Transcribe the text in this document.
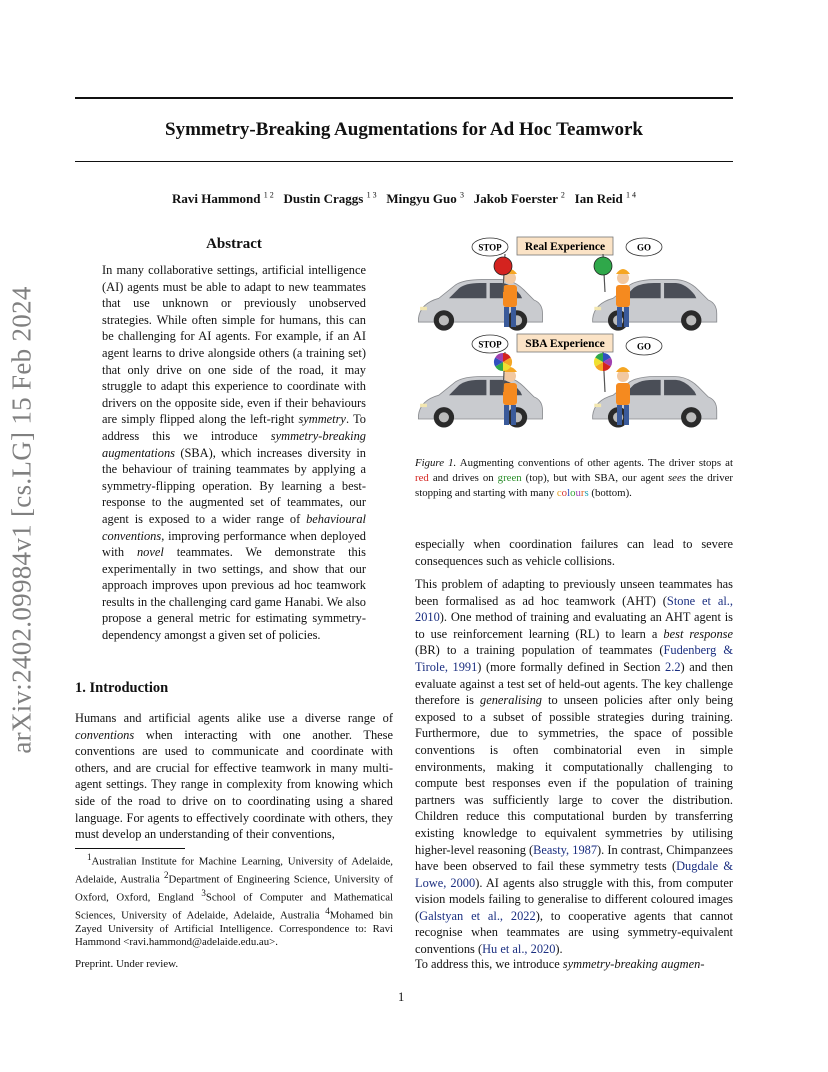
arXiv:2402.09984v1 [cs.LG] 15 Feb 2024
Symmetry-Breaking Augmentations for Ad Hoc Teamwork
Ravi Hammond $^{1 2}$ Dustin Craggs $^{1 3}$ Mingyu Guo $^3$ Jakob Foerster $^2$ Ian Reid $^{1 4}$
Abstract

In many collaborative settings, artificial intelligence (AI) agents must be able to adapt to new teammates that use unknown or previously unobserved strategies. While often simple for humans, this can be challenging for AI agents. For example, if an AI agent learns to drive alongside others (a training set) that only drive on one side of the road, it may struggle to adapt this experience to coordinate with drivers on the opposite side, even if their behaviours are simply flipped along the left-right symmetry. To address this we introduce symmetry-breaking augmentations (SBA), which increases diversity in the behaviour of training teammates by applying a symmetry-flipping operation. By learning a best-response to the augmented set of teammates, our agent is exposed to a wider range of behavioural conventions, improving performance when deployed with novel teammates. We demonstrate this experimentally in two settings, and show that our approach improves upon previous ad hoc teamwork results in the challenging card game Hanabi. We also propose a general metric for estimating symmetry-dependency amongst a given set of policies.

1. Introduction

Humans and artificial agents alike use a diverse range of conventions when interacting with one another. These conventions are used to communicate and coordinate with others, and are crucial for effective teamwork in many multi-agent settings. They range in complexity from knowing which side of the road to drive on to coordinating using a shared language. For agents to effectively coordinate with others, they must develop an understanding of their conventions,

$^1$Australian Institute for Machine Learning, University of Adelaide, Adelaide, Australia $^2$Department of Engineering Science, University of Oxford, Oxford, England $^3$School of Computer and Mathematical Sciences, University of Adelaide, Adelaide, Australia $^4$Mohamed bin Zayed University of Artificial Intelligence. Correspondence to: Ravi Hammond <ravi.hammond@adelaide.edu.au>.

Preprint. Under review.
1
STOP	GO
Real Experience
STOP	GO
SBA Experience

Figure 1. Augmenting conventions of other agents. The driver stops at red and drives on green (top), but with SBA, our agent sees the driver stopping and starting with many colours (bottom).

especially when coordination failures can lead to severe consequences such as vehicle collisions.

This problem of adapting to previously unseen teammates has been formalised as ad hoc teamwork (AHT) (Stone et al., 2010). One method of training and evaluating an AHT agent is to use reinforcement learning (RL) to learn a best response (BR) to a training population of teammates (Fudenberg & Tirole, 1991) (more formally defined in Section 2.2) and then evaluate against a test set of held-out agents. The key challenge therefore is generalising to unseen policies after only being exposed to a subset of possible strategies during training. Furthermore, due to symmetries, the space of possible conventions is often combinatorial even in simple environments, making it computationally challenging to compute best responses even if the population of training partners was sufficiently large to cover the distribution. Children reduce this computational burden by transferring existing knowledge to equivalent symmetries by utilising higher-level reasoning (Beasty, 1987). In contrast, Chimpanzees have been observed to fail these symmetry tests (Dugdale & Lowe, 2000). AI agents also struggle with this, from computer vision models failing to generalise to different coloured images (Galstyan et al., 2022), to cooperative agents that cannot recognise when teammates are using symmetry-equivalent conventions (Hu et al., 2020).

To address this, we introduce symmetry-breaking augmen-
